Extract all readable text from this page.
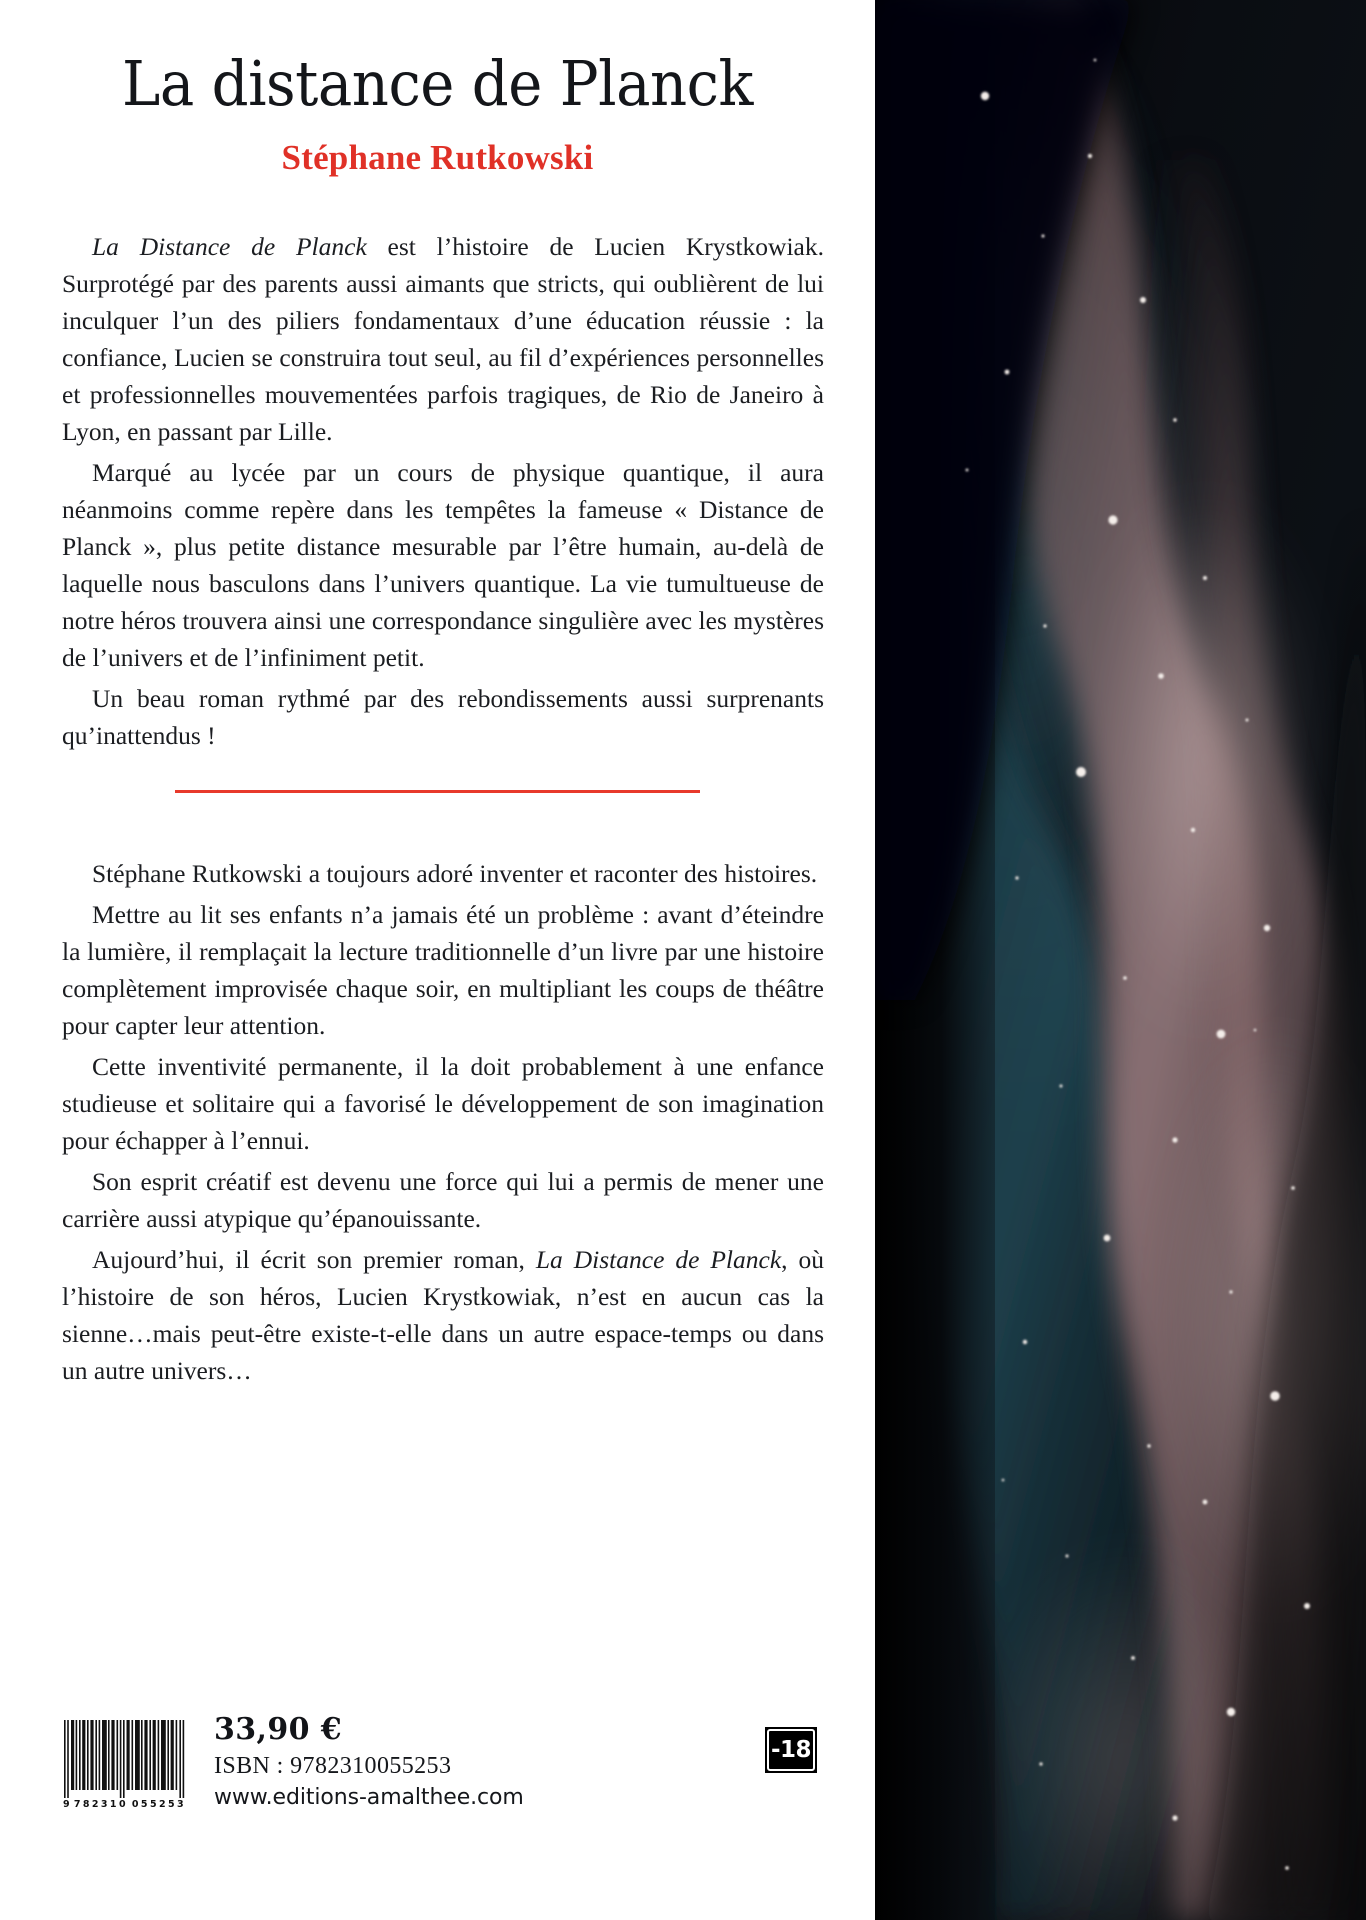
La distance de Planck
Stéphane Rutkowski

La Distance de Planck est l’histoire de Lucien Krystkowiak. Surprotégé par des parents aussi aimants que stricts, qui oublièrent de lui inculquer l’un des piliers fondamentaux d’une éducation réussie : la confiance, Lucien se construira tout seul, au fil d’expériences personnelles et professionnelles mouvementées parfois tragiques, de Rio de Janeiro à Lyon, en passant par Lille.

Marqué au lycée par un cours de physique quantique, il aura néanmoins comme repère dans les tempêtes la fameuse « Distance de Planck », plus petite distance mesurable par l’être humain, au-delà de laquelle nous basculons dans l’univers quantique. La vie tumultueuse de notre héros trouvera ainsi une correspondance singulière avec les mystères de l’univers et de l’infiniment petit.

Un beau roman rythmé par des rebondissements aussi surprenants qu’inattendus !

Stéphane Rutkowski a toujours adoré inventer et raconter des histoires.

Mettre au lit ses enfants n’a jamais été un problème : avant d’éteindre la lumière, il remplaçait la lecture traditionnelle d’un livre par une histoire complètement improvisée chaque soir, en multipliant les coups de théâtre pour capter leur attention.

Cette inventivité permanente, il la doit probablement à une enfance studieuse et solitaire qui a favorisé le développement de son imagination pour échapper à l’ennui.

Son esprit créatif est devenu une force qui lui a permis de mener une carrière aussi atypique qu’épanouissante.

Aujourd’hui, il écrit son premier roman, La Distance de Planck, où l’histoire de son héros, Lucien Krystkowiak, n’est en aucun cas la sienne…mais peut-être existe-t-elle dans un autre espace-temps ou dans un autre univers…

9 782310 055253
33,90 €
ISBN : 9782310055253
www.editions-amalthee.com
-18
